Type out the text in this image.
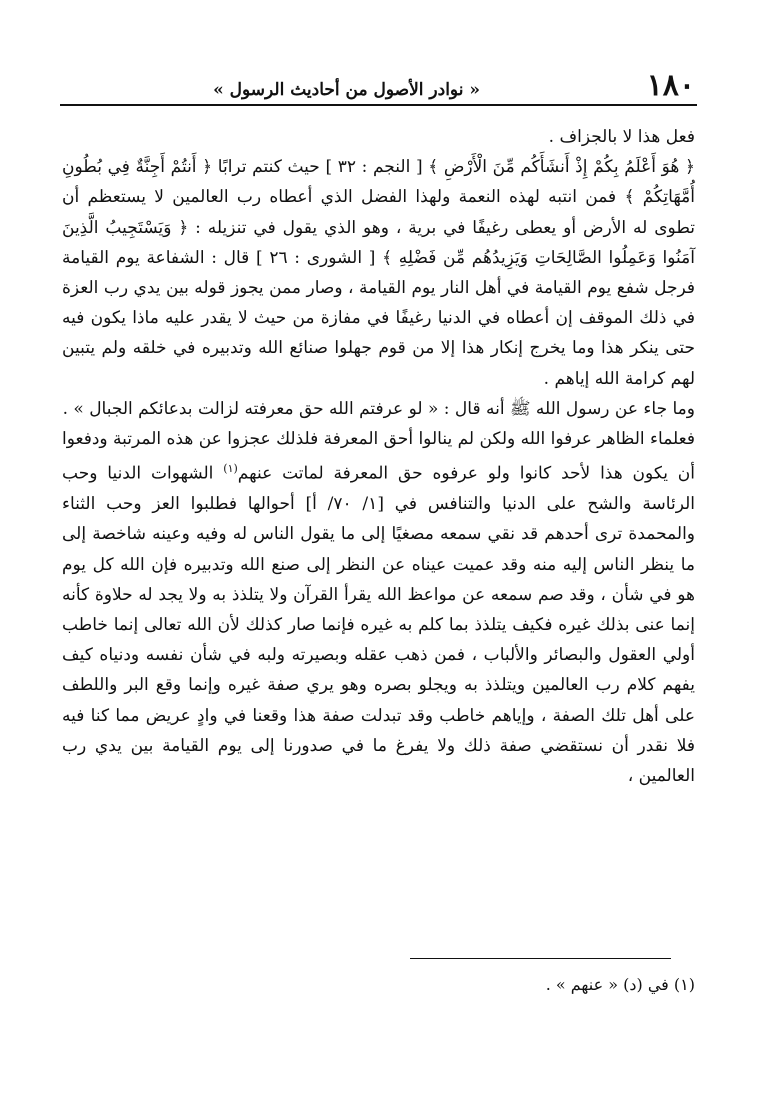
١٨٠
« نوادر الأصول من أحاديث الرسول »

فعل هذا لا بالجزاف .

﴿ هُوَ أَعْلَمُ بِكُمْ إِذْ أَنشَأَكُم مِّنَ الْأَرْضِ ﴾ [ النجم : ٣٢ ] حيث كنتم ترابًا ﴿ أَنتُمْ أَجِنَّةٌ فِي بُطُونِ أُمَّهَاتِكُمْ ﴾ فمن انتبه لهذه النعمة ولهذا الفضل الذي أعطاه رب العالمين لا يستعظم أن تطوى له الأرض أو يعطى رغيفًا في برية ، وهو الذي يقول في تنزيله : ﴿ وَيَسْتَجِيبُ الَّذِينَ آمَنُوا وَعَمِلُوا الصَّالِحَاتِ وَيَزِيدُهُم مِّن فَضْلِهِ ﴾ [ الشورى : ٢٦ ] قال : الشفاعة يوم القيامة فرجل شفع يوم القيامة في أهل النار يوم القيامة ، وصار ممن يجوز قوله بين يدي رب العزة في ذلك الموقف إن أعطاه في الدنيا رغيفًا في مفازة من حيث لا يقدر عليه ماذا يكون فيه حتى ينكر هذا وما يخرج إنكار هذا إلا من قوم جهلوا صنائع الله وتدبيره في خلقه ولم يتبين لهم كرامة الله إياهم .

وما جاء عن رسول الله ﷺ أنه قال : « لو عرفتم الله حق معرفته لزالت بدعائكم الجبال » .

فعلماء الظاهر عرفوا الله ولكن لم ينالوا أحق المعرفة فلذلك عجزوا عن هذه المرتبة ودفعوا أن يكون هذا لأحد كانوا ولو عرفوه حق المعرفة لماتت عنهم$^{(١)}$ الشهوات الدنيا وحب الرئاسة والشح على الدنيا والتنافس في [١/ ٧٠/ أ] أحوالها فطلبوا العز وحب الثناء والمحمدة ترى أحدهم قد نقي سمعه مصغيًا إلى ما يقول الناس له وفيه وعينه شاخصة إلى ما ينظر الناس إليه منه وقد عميت عيناه عن النظر إلى صنع الله وتدبيره فإن الله كل يوم هو في شأن ، وقد صم سمعه عن مواعظ الله يقرأ القرآن ولا يتلذذ به ولا يجد له حلاوة كأنه إنما عنى بذلك غيره فكيف يتلذذ بما كلم به غيره فإنما صار كذلك لأن الله تعالى إنما خاطب أولي العقول والبصائر والألباب ، فمن ذهب عقله وبصيرته ولبه في شأن نفسه ودنياه كيف يفهم كلام رب العالمين ويتلذذ به ويجلو بصره وهو يري صفة غيره وإنما وقع البر واللطف على أهل تلك الصفة ، وإياهم خاطب وقد تبدلت صفة هذا وقعنا في وادٍ عريض مما كنا فيه فلا نقدر أن نستقضي صفة ذلك ولا يفرغ ما في صدورنا إلى يوم القيامة بين يدي رب العالمين ،

(١) في (د) « عنهم » .
